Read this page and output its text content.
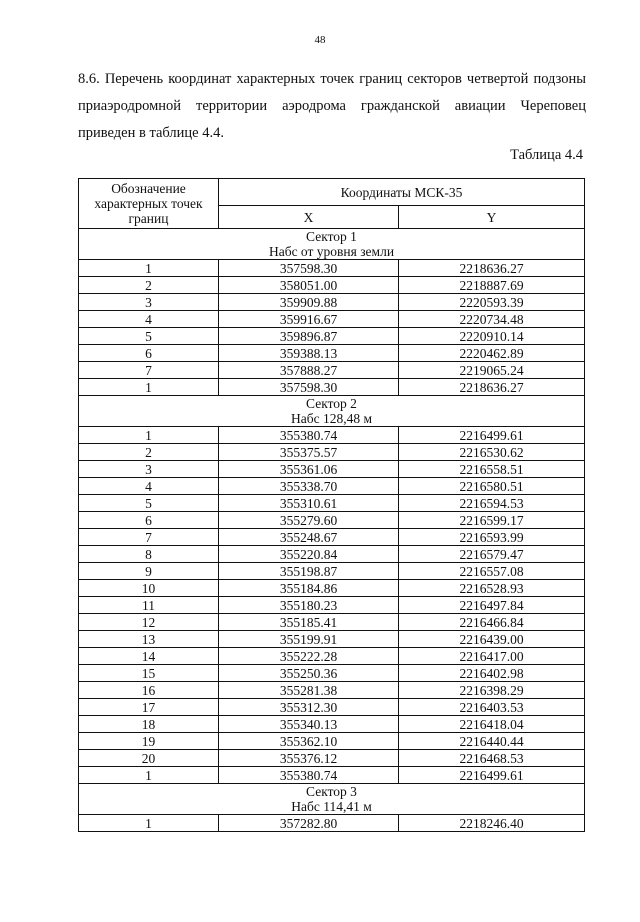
48

8.6. Перечень координат характерных точек границ секторов четвертой подзоны приаэродромной территории аэродрома гражданской авиации Череповец приведен в таблице 4.4.

Таблица 4.4
Обозначение характерных точек границ	Координаты МСК-35	
	X	Y

Сектор 1
Набс от уровня земли		

1	357598.30	2218636.27
2	358051.00	2218887.69
3	359909.88	2220593.39
4	359916.67	2220734.48
5	359896.87	2220910.14
6	359388.13	2220462.89
7	357888.27	2219065.24
1	357598.30	2218636.27

Сектор 2
Набс 128,48 м		

1	355380.74	2216499.61
2	355375.57	2216530.62
3	355361.06	2216558.51
4	355338.70	2216580.51
5	355310.61	2216594.53
6	355279.60	2216599.17
7	355248.67	2216593.99
8	355220.84	2216579.47
9	355198.87	2216557.08
10	355184.86	2216528.93
11	355180.23	2216497.84
12	355185.41	2216466.84
13	355199.91	2216439.00
14	355222.28	2216417.00
15	355250.36	2216402.98
16	355281.38	2216398.29
17	355312.30	2216403.53
18	355340.13	2216418.04
19	355362.10	2216440.44
20	355376.12	2216468.53
1	355380.74	2216499.61

Сектор 3
Набс 114,41 м		

1	357282.80	2218246.40
